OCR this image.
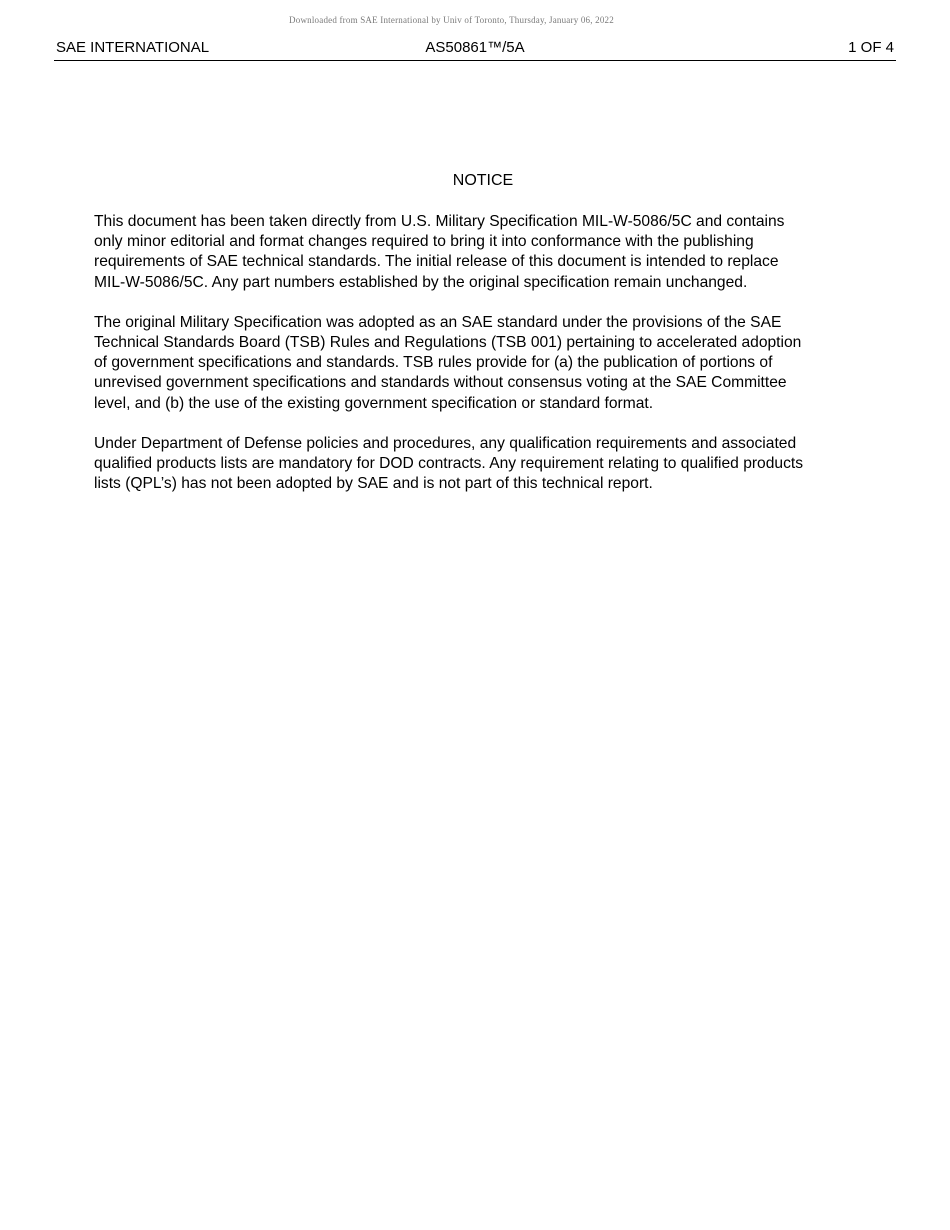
Downloaded from SAE International by Univ of Toronto, Thursday, January 06, 2022
SAE INTERNATIONAL	AS50861™/5A	1 OF 4
NOTICE

This document has been taken directly from U.S. Military Specification MIL-W-5086/5C and contains
only minor editorial and format changes required to bring it into conformance with the publishing
requirements of SAE technical standards. The initial release of this document is intended to replace
MIL-W-5086/5C. Any part numbers established by the original specification remain unchanged.

The original Military Specification was adopted as an SAE standard under the provisions of the SAE
Technical Standards Board (TSB) Rules and Regulations (TSB 001) pertaining to accelerated adoption
of government specifications and standards. TSB rules provide for (a) the publication of portions of
unrevised government specifications and standards without consensus voting at the SAE Committee
level, and (b) the use of the existing government specification or standard format.

Under Department of Defense policies and procedures, any qualification requirements and associated
qualified products lists are mandatory for DOD contracts. Any requirement relating to qualified products
lists (QPL’s) has not been adopted by SAE and is not part of this technical report.
